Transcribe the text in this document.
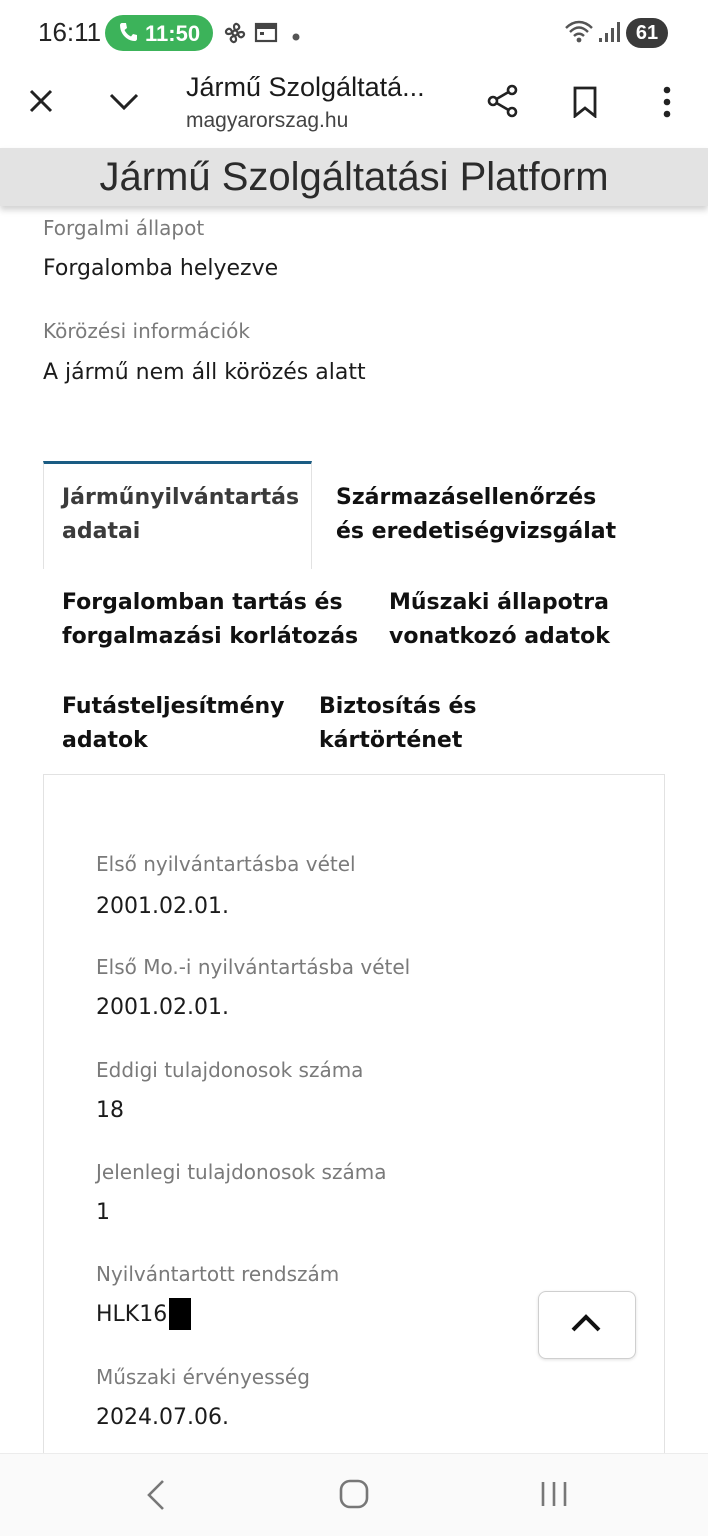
16:11 11:50	61
Jármű Szolgáltatá...
magyarorszag.hu
Jármű Szolgáltatási Platform
Forgalmi állapot
Forgalomba helyezve
Körözési információk
A jármű nem áll körözés alatt
Járműnyilvántartás
adatai
Származásellenőrzés
és eredetiségvizsgálat
Forgalomban tartás és
forgalmazási korlátozás
Műszaki állapotra
vonatkozó adatok
Futásteljesítmény
adatok
Biztosítás és
kártörténet
Első nyilvántartásba vétel
2001.02.01.
Első Mo.-i nyilvántartásba vétel
2001.02.01.
Eddigi tulajdonosok száma
18
Jelenlegi tulajdonosok száma
1
Nyilvántartott rendszám
HLK16
Műszaki érvényesség
2024.07.06.
